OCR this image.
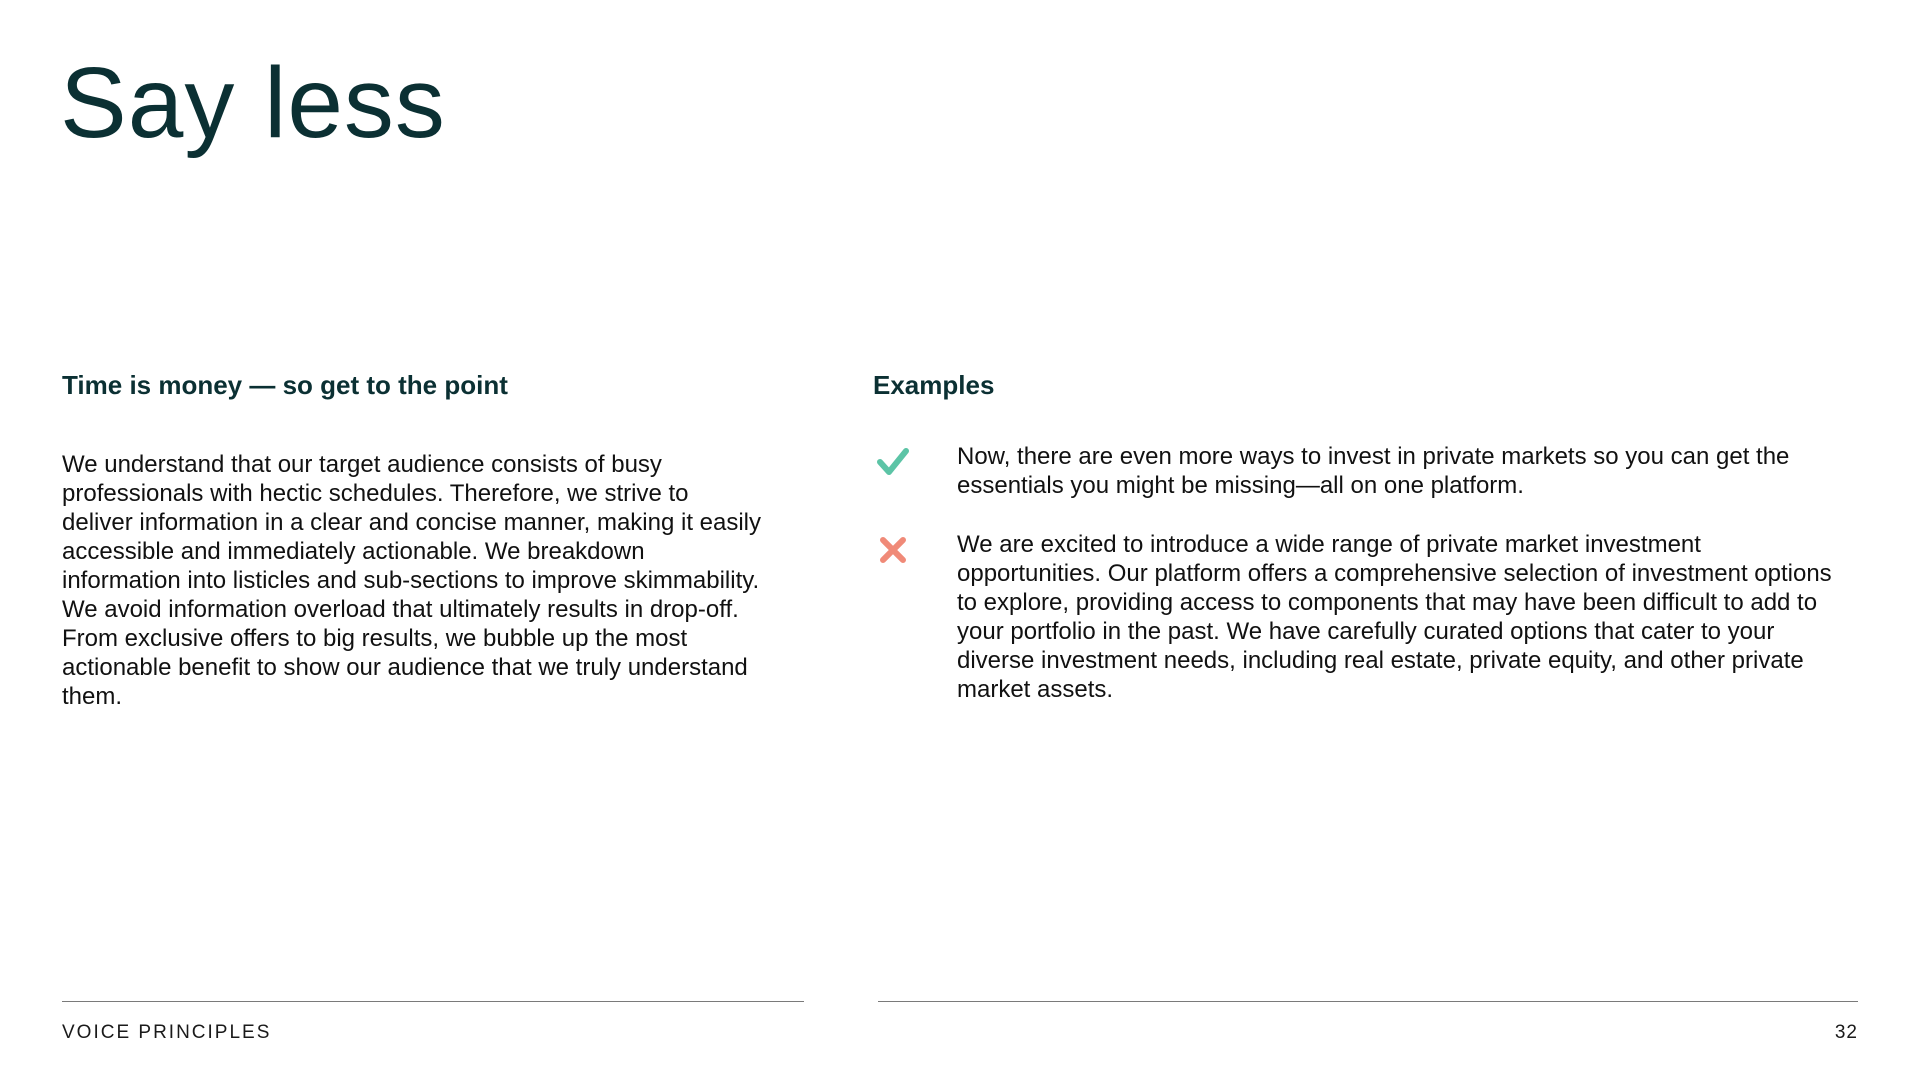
Say less
Time is money — so get to the point

We understand that our target audience consists of busy professionals with hectic schedules. Therefore, we strive to deliver information in a clear and concise manner, making it easily accessible and immediately actionable. We breakdown information into listicles and sub-sections to improve skimmability. We avoid information overload that ultimately results in drop-off. From exclusive offers to big results, we bubble up the most actionable benefit to show our audience that we truly understand them.

Examples

Now, there are even more ways to invest in private markets so you can get the essentials you might be missing—all on one platform.

We are excited to introduce a wide range of private market investment opportunities. Our platform offers a comprehensive selection of investment options to explore, providing access to components that may have been difficult to add to your portfolio in the past. We have carefully curated options that cater to your diverse investment needs, including real estate, private equity, and other private market assets.

VOICE PRINCIPLES	32
